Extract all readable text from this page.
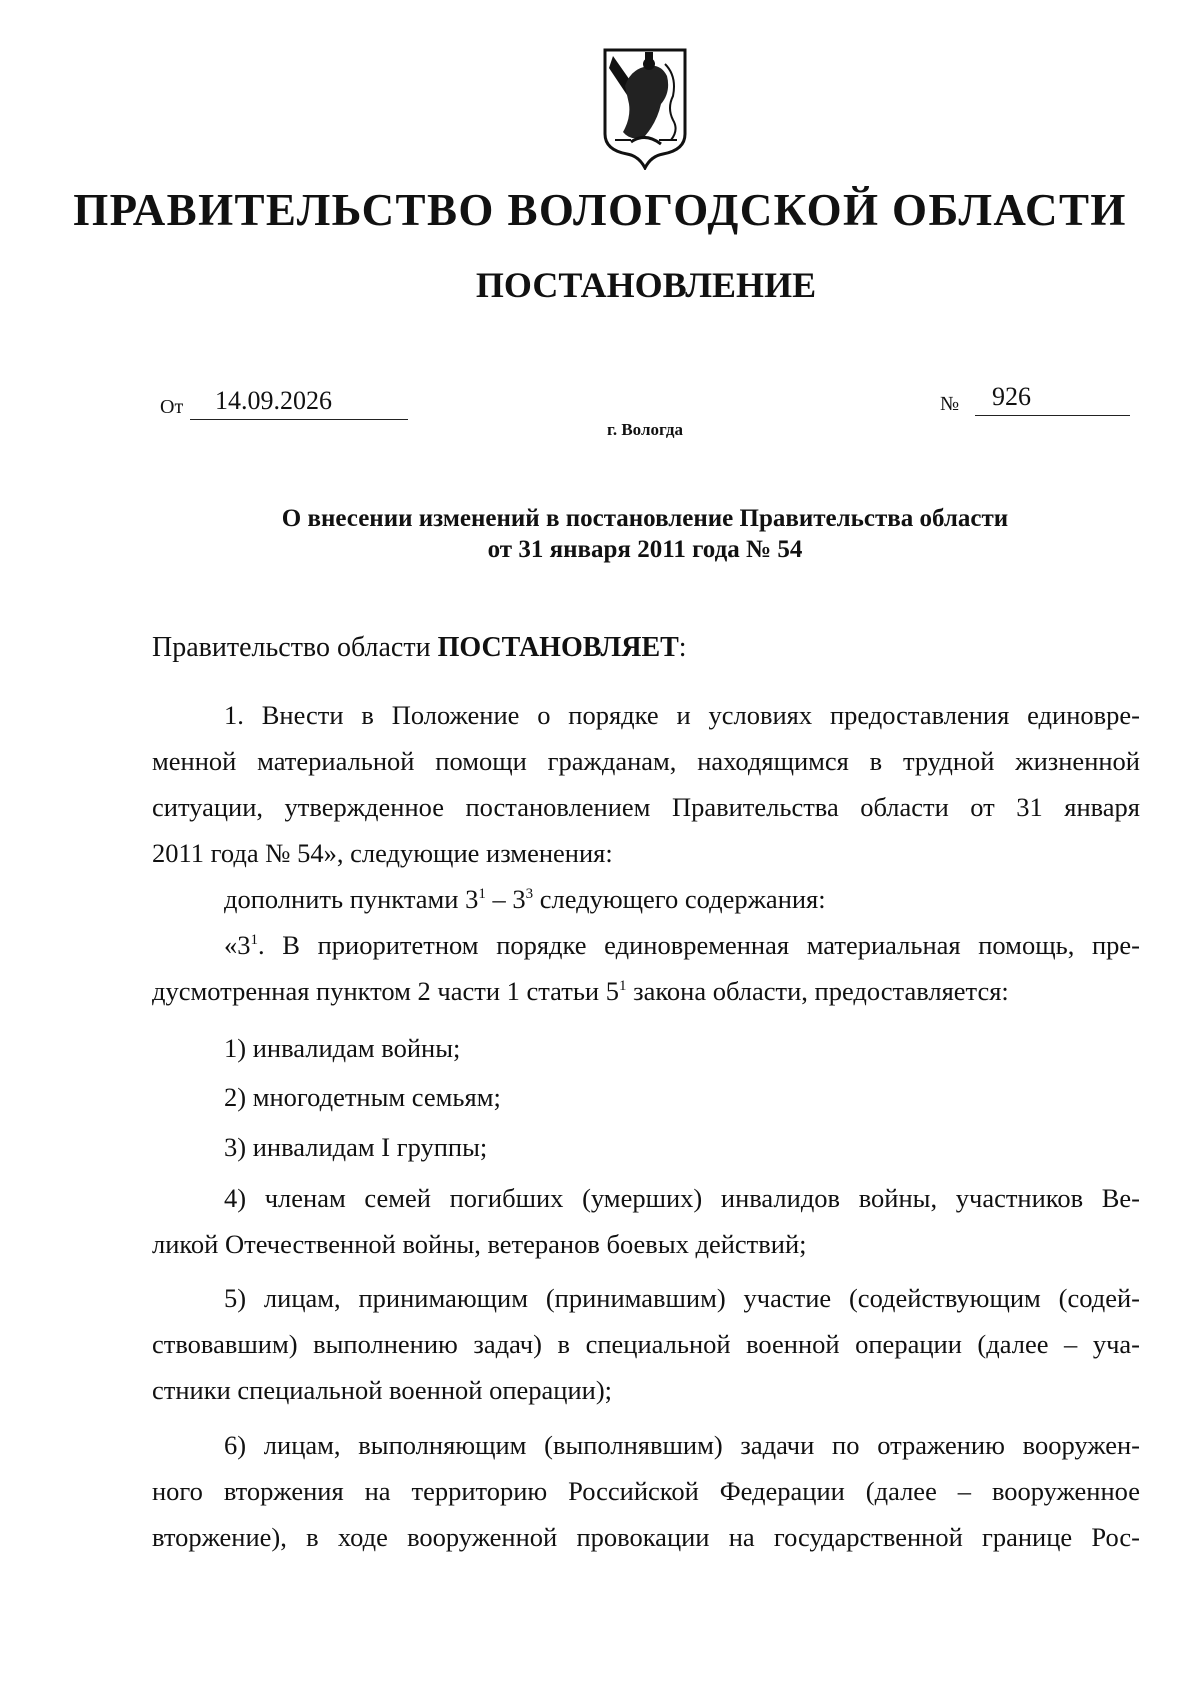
ПРАВИТЕЛЬСТВО ВОЛОГОДСКОЙ ОБЛАСТИ
ПОСТАНОВЛЕНИЕ
От	14.09.2026	№	926
г. Вологда
О внесении изменений в постановление Правительства области
от 31 января 2011 года № 54
Правительство области ПОСТАНОВЛЯЕТ:
1. Внести в Положение о порядке и условиях предоставления единовре-
менной материальной помощи гражданам, находящимся в трудной жизненной
ситуации, утвержденное постановлением Правительства области от 31 января
2011 года № 54», следующие изменения:
дополнить пунктами $3^1 - 3^3$ следующего содержания:
«$3^1$. В приоритетном порядке единовременная материальная помощь, пре-
дусмотренная пунктом 2 части 1 статьи $5^1$ закона области, предоставляется:
1) инвалидам войны;
2) многодетным семьям;
3) инвалидам I группы;
4) членам семей погибших (умерших) инвалидов войны, участников Ве-
ликой Отечественной войны, ветеранов боевых действий;
5) лицам, принимающим (принимавшим) участие (содействующим (содей-
ствовавшим) выполнению задач) в специальной военной операции (далее – уча-
стники специальной военной операции);
6) лицам, выполняющим (выполнявшим) задачи по отражению вооружен-
ного вторжения на территорию Российской Федерации (далее – вооруженное
вторжение), в ходе вооруженной провокации на государственной границе Рос-
